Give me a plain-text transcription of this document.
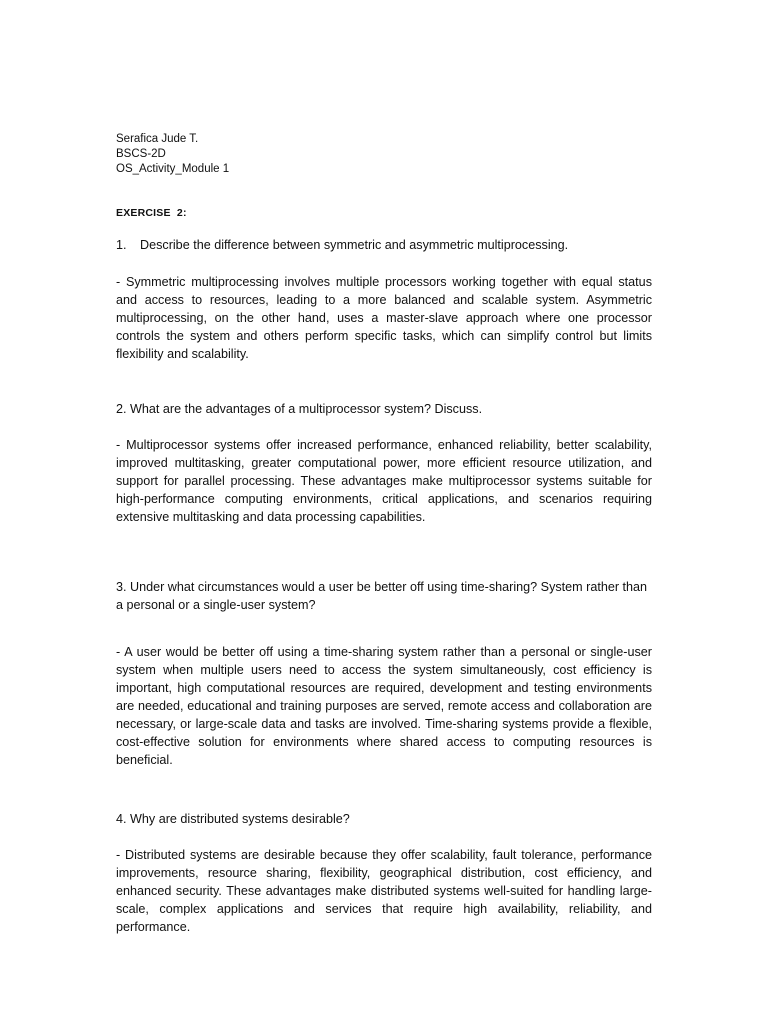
Serafica Jude T.
BSCS-2D
OS_Activity_Module 1
EXERCISE  2:

1. Describe the difference between symmetric and asymmetric multiprocessing.

- Symmetric multiprocessing involves multiple processors working together with equal status and access to resources, leading to a more balanced and scalable system. Asymmetric multiprocessing, on the other hand, uses a master-slave approach where one processor controls the system and others perform specific tasks, which can simplify control but limits flexibility and scalability.

2. What are the advantages of a multiprocessor system? Discuss.

- Multiprocessor systems offer increased performance, enhanced reliability, better scalability, improved multitasking, greater computational power, more efficient resource utilization, and support for parallel processing. These advantages make multiprocessor systems suitable for high-performance computing environments, critical applications, and scenarios requiring extensive multitasking and data processing capabilities.

3. Under what circumstances would a user be better off using time-sharing? System rather than a personal or a single-user system?

- A user would be better off using a time-sharing system rather than a personal or single-user system when multiple users need to access the system simultaneously, cost efficiency is important, high computational resources are required, development and testing environments are needed, educational and training purposes are served, remote access and collaboration are necessary, or large-scale data and tasks are involved. Time-sharing systems provide a flexible, cost-effective solution for environments where shared access to computing resources is beneficial.

4. Why are distributed systems desirable?

- Distributed systems are desirable because they offer scalability, fault tolerance, performance improvements, resource sharing, flexibility, geographical distribution, cost efficiency, and enhanced security. These advantages make distributed systems well-suited for handling large-scale, complex applications and services that require high availability, reliability, and performance.
